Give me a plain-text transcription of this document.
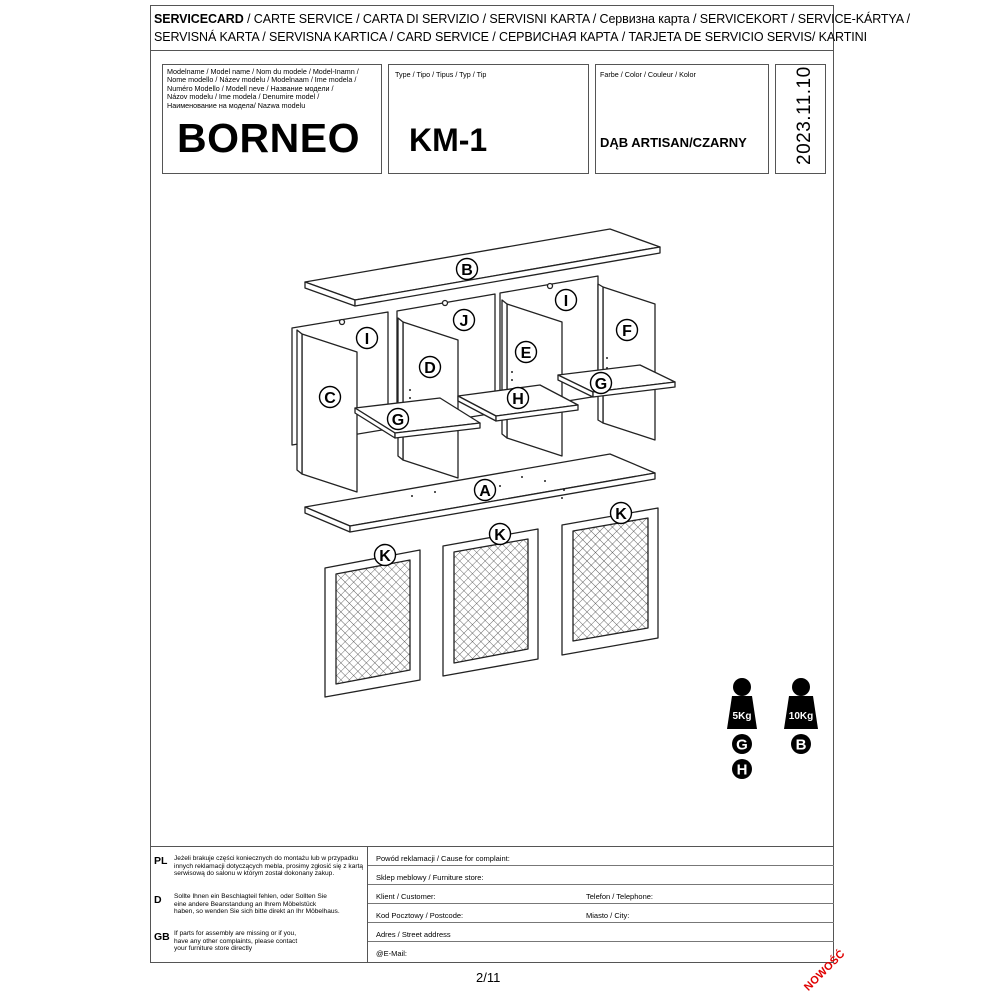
SERVICECARD / CARTE SERVICE / CARTA DI SERVIZIO / SERVISNI KARTA / Сервизна карта / SERVICEKORT / SERVICE-KÁRTYA /
SERVISNÁ KARTA / SERVISNA KARTICA / CARD SERVICE / СЕРВИСНАЯ КАРТА / TARJETA DE SERVICIO SERVIS/ KARTINI
Modelname / Model name / Nom du modele / Model-Inamn /
Nome modello / Název modelu / Modelnaam / Ime modela /
Numéro Modello / Modell neve / Название модели /
Názov modelu / Ime modela / Denumire model /
Наименование на модела/ Nazwa modelu
BORNEO
Type / Tipo / Tipus / Typ / Tip
KM-1
Farbe / Color / Couleur / Kolor
DĄB ARTISAN/CZARNY 2023.11.10
B
I
J
I
F
E
D
C
G
H
G
A
K
K
K
5Kg
G
H
10Kg
B
PL Jeżeli brakuje części koniecznych do montażu lub w przypadku
innych reklamacji dotyczących mebla, prosimy zgłosić się z kartą
serwisową do salonu w którym został dokonany zakup.
D Sollte Ihnen ein Beschlagteil fehlen, oder Sollten Sie
eine andere Beanstandung an Ihrem Möbelstück
haben, so wenden Sie sich bitte direkt an Ihr Möbelhaus.
GB If parts for assembly are missing or if you,
have any other complaints, please contact
your furniture store directly
Powód reklamacji / Cause for complaint:
Sklep meblowy / Furniture store:
Klient / Customer:	Telefon / Telephone:
Kod Pocztowy / Postcode:	Miasto / City:
Adres / Street address
@E-Mail:
2/11	NOWOŚĆ
